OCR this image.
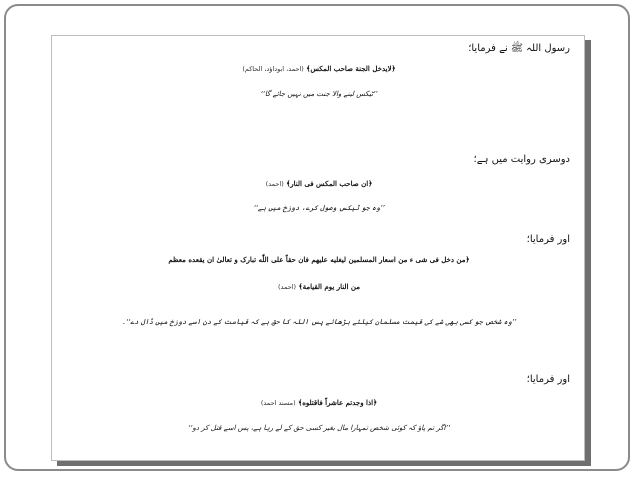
رسول اللہ ﷺ نے فرمایا؛
﴿لایدخل الجنة صاحب المکس﴾ (احمد، ابوداؤد، الحاکم)
’’ٹیکس لینے والا جنت میں نہیں جائے گا‘‘
دوسری روایت میں ہے؛
﴿ان صاحب المکس فی النار﴾ (احمد)
’’وہ جو ٹیکس وصول کرے، دوزخ میں ہے‘‘
اور فرمایا؛
﴿من دخل فی شی ء من اسعار المسلمین لیغلیه علیهم فان حقاً علی اللّٰه تبارک و تعالیٰ ان یقعده معظم
من النار یوم القیامة﴾ (احمد)
’’وہ شخص جو کسی بھی شے کی قیمت مسلمان کیلئے بڑھائے پس اللہ کا حق ہے کہ قیامت کے دن اسے دوزخ میں ڈال دے‘‘۔
اور فرمایا؛
﴿اذا وجدتم عاشراً فاقتلوه﴾ (مسند احمد)
’’اگر تم پاؤ کہ کوئی شخص تمہارا مال بغیر کسی حق کے لے رہا ہے، پس اسے قتل کر دو‘‘
